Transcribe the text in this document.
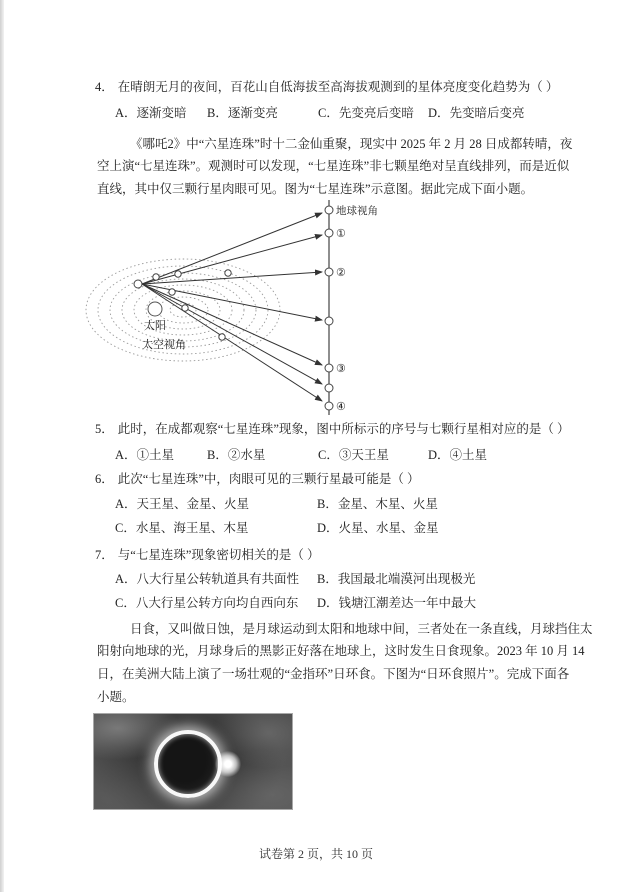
4． 在晴朗无月的夜间，百花山自低海拔至高海拔观测到的星体亮度变化趋势为（ ）
A．逐渐变暗 B．逐渐变亮	C．先变亮后变暗 D．先变暗后变亮
《哪吒2》中“六星连珠”时十二金仙重聚，现实中 2025 年 2 月 28 日成都转晴，夜
空上演“七星连珠”。观测时可以发现，“七星连珠”非七颗星绝对呈直线排列，而是近似
直线，其中仅三颗行星肉眼可见。图为“七星连珠”示意图。据此完成下面小题。
太阳
太空视角
地球视角
①
②
③
④
5． 此时，在成都观察“七星连珠”现象，图中所标示的序号与七颗行星相对应的是（ ）
A．①土星	B．②水星	C．③天王星	D．④土星
6． 此次“七星连珠”中，肉眼可见的三颗行星最可能是（ ）
A．天王星、金星、火星	B．金星、木星、火星
C．水星、海王星、木星	D．火星、水星、金星
7． 与“七星连珠”现象密切相关的是（ ）
A．八大行星公转轨道具有共面性 B．我国最北端漠河出现极光
C．八大行星公转方向均自西向东 D．钱塘江潮差达一年中最大
日食，又叫做日蚀，是月球运动到太阳和地球中间，三者处在一条直线，月球挡住太
阳射向地球的光，月球身后的黑影正好落在地球上，这时发生日食现象。2023 年 10 月 14
日，在美洲大陆上演了一场壮观的“金指环”日环食。下图为“日环食照片”。完成下面各
小题。
试卷第 2 页，共 10 页
